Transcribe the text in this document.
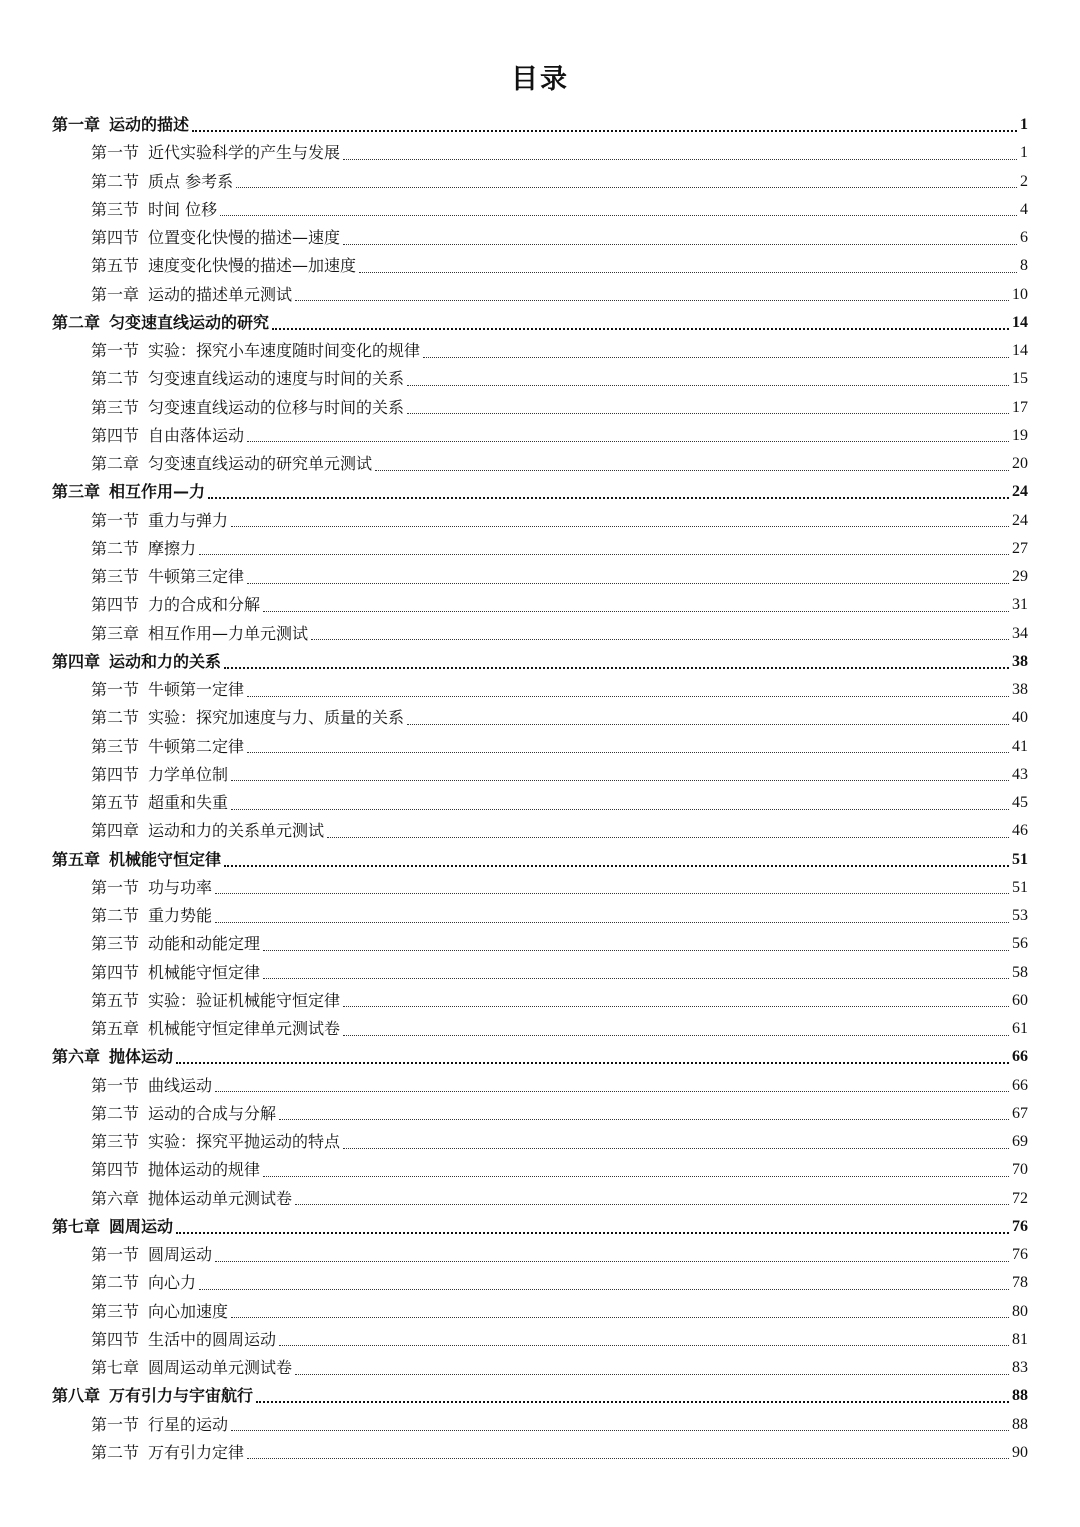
目录
第一章 运动的描述	1
第一节 近代实验科学的产生与发展	1
第二节 质点 参考系	2
第三节 时间 位移	4
第四节 位置变化快慢的描述—速度	6
第五节 速度变化快慢的描述—加速度	8
第一章 运动的描述单元测试	10
第二章 匀变速直线运动的研究	14
第一节 实验：探究小车速度随时间变化的规律	14
第二节 匀变速直线运动的速度与时间的关系	15
第三节 匀变速直线运动的位移与时间的关系	17
第四节 自由落体运动	19
第二章 匀变速直线运动的研究单元测试	20
第三章 相互作用—力	24
第一节 重力与弹力	24
第二节 摩擦力	27
第三节 牛顿第三定律	29
第四节 力的合成和分解	31
第三章 相互作用—力单元测试	34
第四章 运动和力的关系	38
第一节 牛顿第一定律	38
第二节 实验：探究加速度与力、质量的关系	40
第三节 牛顿第二定律	41
第四节 力学单位制	43
第五节 超重和失重	45
第四章 运动和力的关系单元测试	46
第五章 机械能守恒定律	51
第一节 功与功率	51
第二节 重力势能	53
第三节 动能和动能定理	56
第四节 机械能守恒定律	58
第五节 实验：验证机械能守恒定律	60
第五章 机械能守恒定律单元测试卷	61
第六章 抛体运动	66
第一节 曲线运动	66
第二节 运动的合成与分解	67
第三节 实验：探究平抛运动的特点	69
第四节 抛体运动的规律	70
第六章 抛体运动单元测试卷	72
第七章 圆周运动	76
第一节 圆周运动	76
第二节 向心力	78
第三节 向心加速度	80
第四节 生活中的圆周运动	81
第七章 圆周运动单元测试卷	83
第八章 万有引力与宇宙航行	88
第一节 行星的运动	88
第二节 万有引力定律	90
